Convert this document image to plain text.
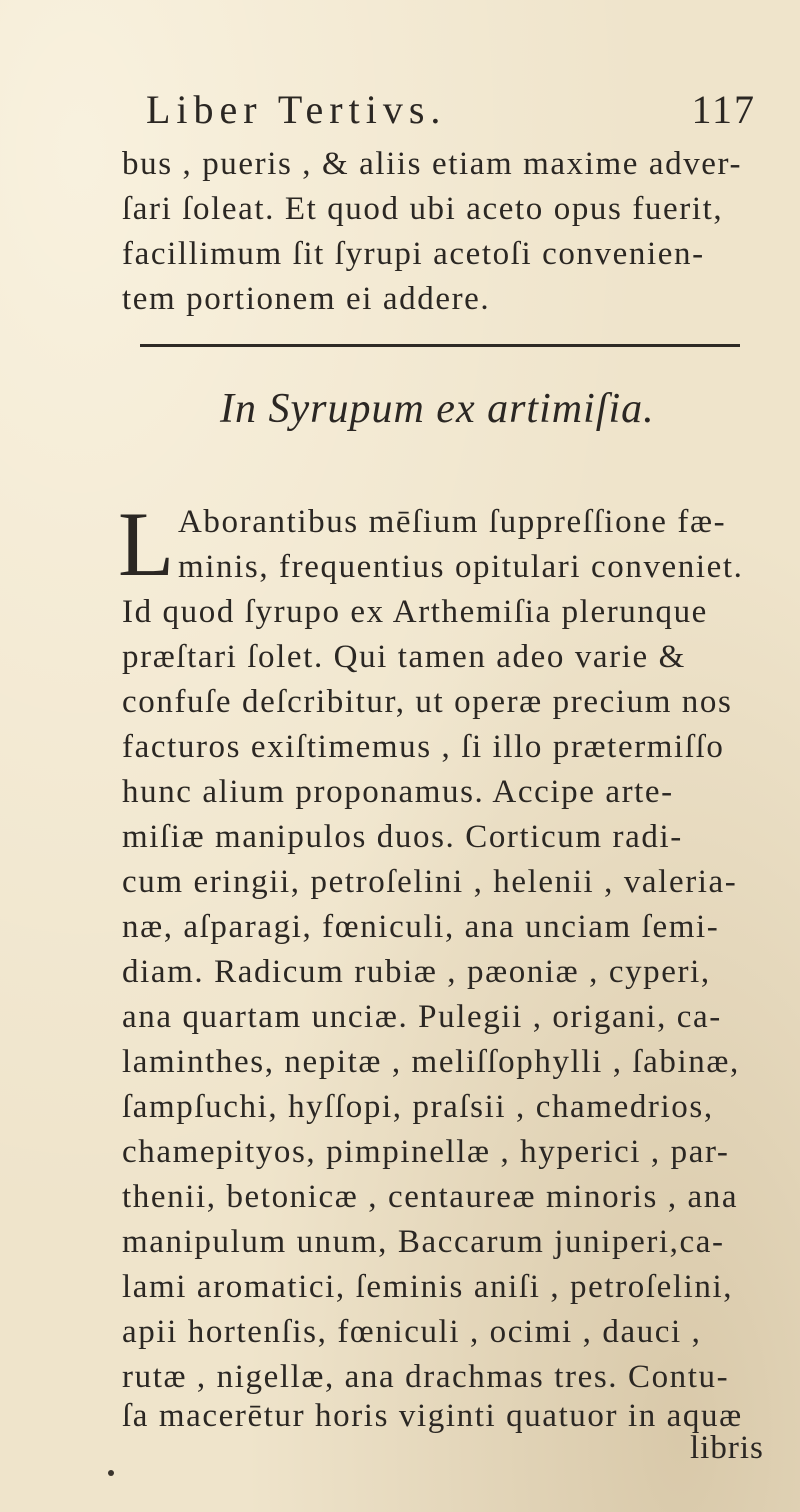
Liber Tertivs.	117
bus , pueris , & aliis etiam maxime adver-
ſari ſoleat. Et quod ubi aceto opus fuerit,
facillimum ſit ſyrupi acetoſi convenien-
tem portionem ei addere.
In Syrupum ex artimiſia.
L Aborantibus mēſium ſuppreſſione fæ-
minis, frequentius opitulari conveniet.
Id quod ſyrupo ex Arthemiſia plerunque
præſtari ſolet. Qui tamen adeo varie &
confuſe deſcribitur, ut operæ precium nos
facturos exiſtimemus , ſi illo prætermiſſo
hunc alium proponamus. Accipe arte-
miſiæ manipulos duos. Corticum radi-
cum eringii, petroſelini , helenii , valeria-
næ, aſparagi, fœniculi, ana unciam ſemi-
diam. Radicum rubiæ , pæoniæ , cyperi,
ana quartam unciæ. Pulegii , origani, ca-
laminthes, nepitæ , meliſſophylli , ſabinæ,
ſampſuchi, hyſſopi, praſsii , chamedrios,
chamepityos, pimpinellæ , hyperici , par-
thenii, betonicæ , centaureæ minoris , ana
manipulum unum, Baccarum juniperi,ca-
lami aromatici, ſeminis aniſi , petroſelini,
apii hortenſis, fœniculi , ocimi , dauci ,
rutæ , nigellæ, ana drachmas tres. Contu-
ſa macerētur horis viginti quatuor in aquæ
libris
